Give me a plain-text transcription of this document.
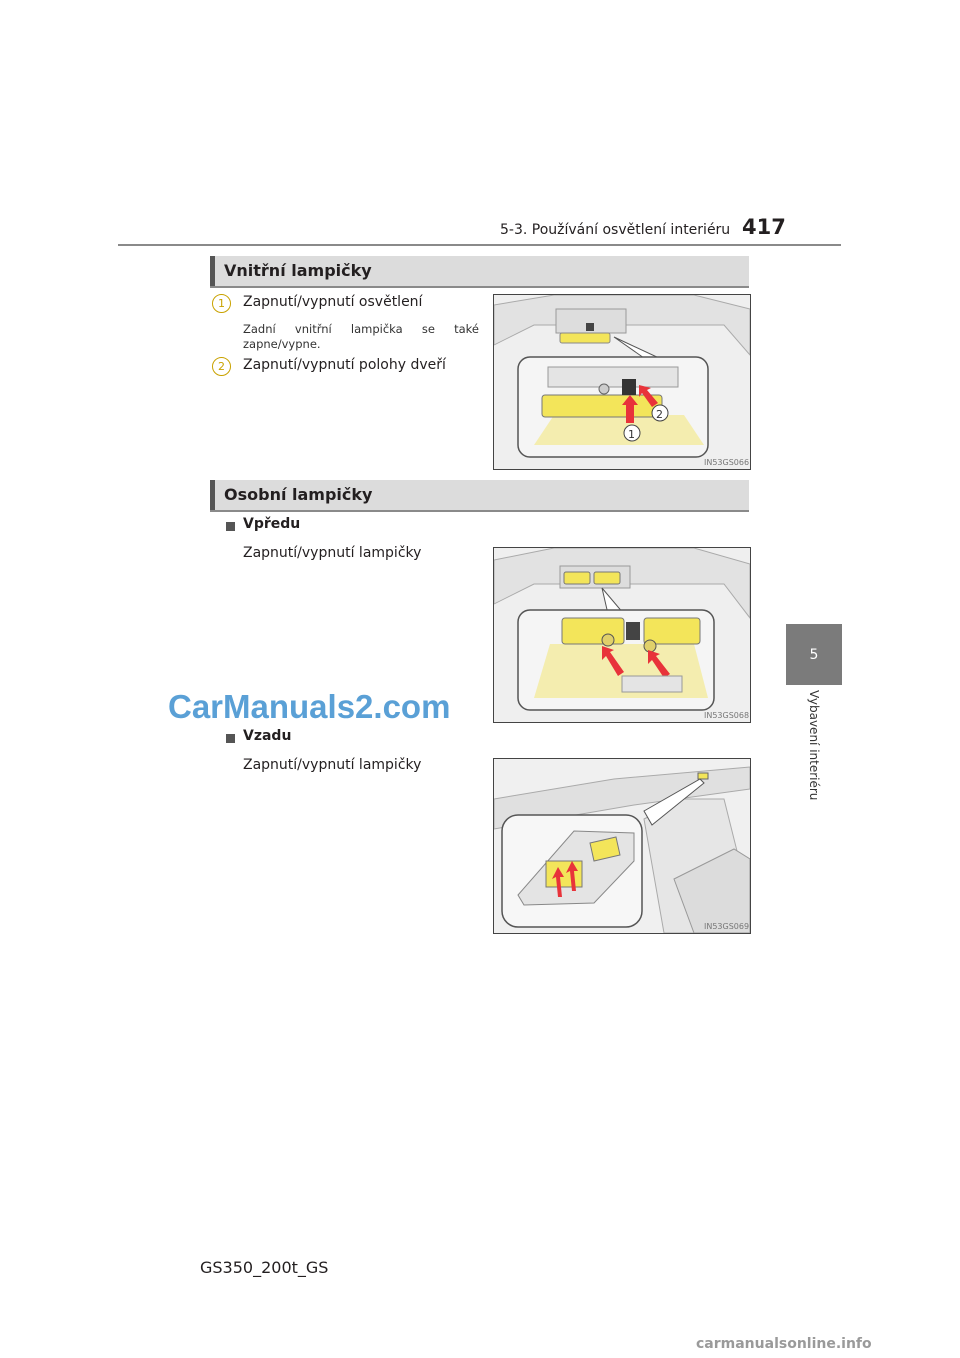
5-3. Používání osvětlení interiéru 417
5
Vybavení interiéru
Vnitřní lampičky
1	Zapnutí/vypnutí osvětlení
Zadní vnitřní lampička se také zapne/vypne.
2	Zapnutí/vypnutí polohy dveří
2
1
IN53GS066
Osobní lampičky
Vpředu
Zapnutí/vypnutí lampičky
IN53GS068
Vzadu
Zapnutí/vypnutí lampičky
IN53GS069
CarManuals2.com
GS350_200t_GS
carmanualsonline.info
